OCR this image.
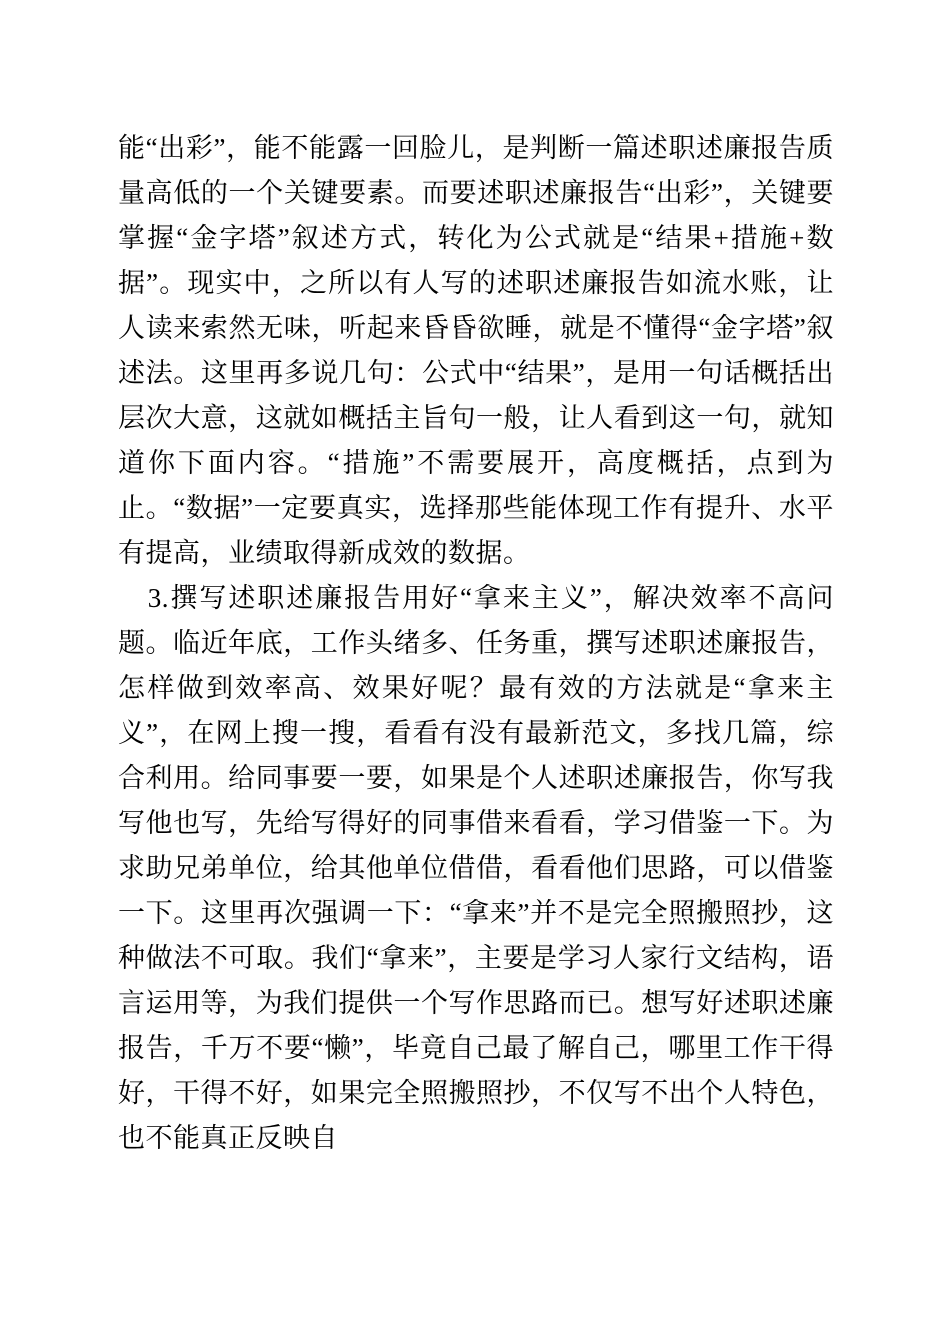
能“出彩”，能不能露一回脸儿，是判断一篇述职述廉报告质量高低的一个关键要素。而要述职述廉报告“出彩”，关键要掌握“金字塔”叙述方式，转化为公式就是“结果+措施+数据”。现实中，之所以有人写的述职述廉报告如流水账，让人读来索然无味，听起来昏昏欲睡，就是不懂得“金字塔”叙述法。这里再多说几句：公式中“结果”，是用一句话概括出层次大意，这就如概括主旨句一般，让人看到这一句，就知道你下面内容。“措施”不需要展开，高度概括，点到为止。“数据”一定要真实，选择那些能体现工作有提升、水平有提高，业绩取得新成效的数据。

3.撰写述职述廉报告用好“拿来主义”，解决效率不高问题。临近年底，工作头绪多、任务重，撰写述职述廉报告，怎样做到效率高、效果好呢？最有效的方法就是“拿来主义”，在网上搜一搜，看看有没有最新范文，多找几篇，综合利用。给同事要一要，如果是个人述职述廉报告，你写我写他也写，先给写得好的同事借来看看，学习借鉴一下。为求助兄弟单位，给其他单位借借，看看他们思路，可以借鉴一下。这里再次强调一下：“拿来”并不是完全照搬照抄，这种做法不可取。我们“拿来”，主要是学习人家行文结构，语言运用等，为我们提供一个写作思路而已。想写好述职述廉报告，千万不要“懒”，毕竟自己最了解自己，哪里工作干得好，干得不好，如果完全照搬照抄，不仅写不出个人特色，也不能真正反映自
